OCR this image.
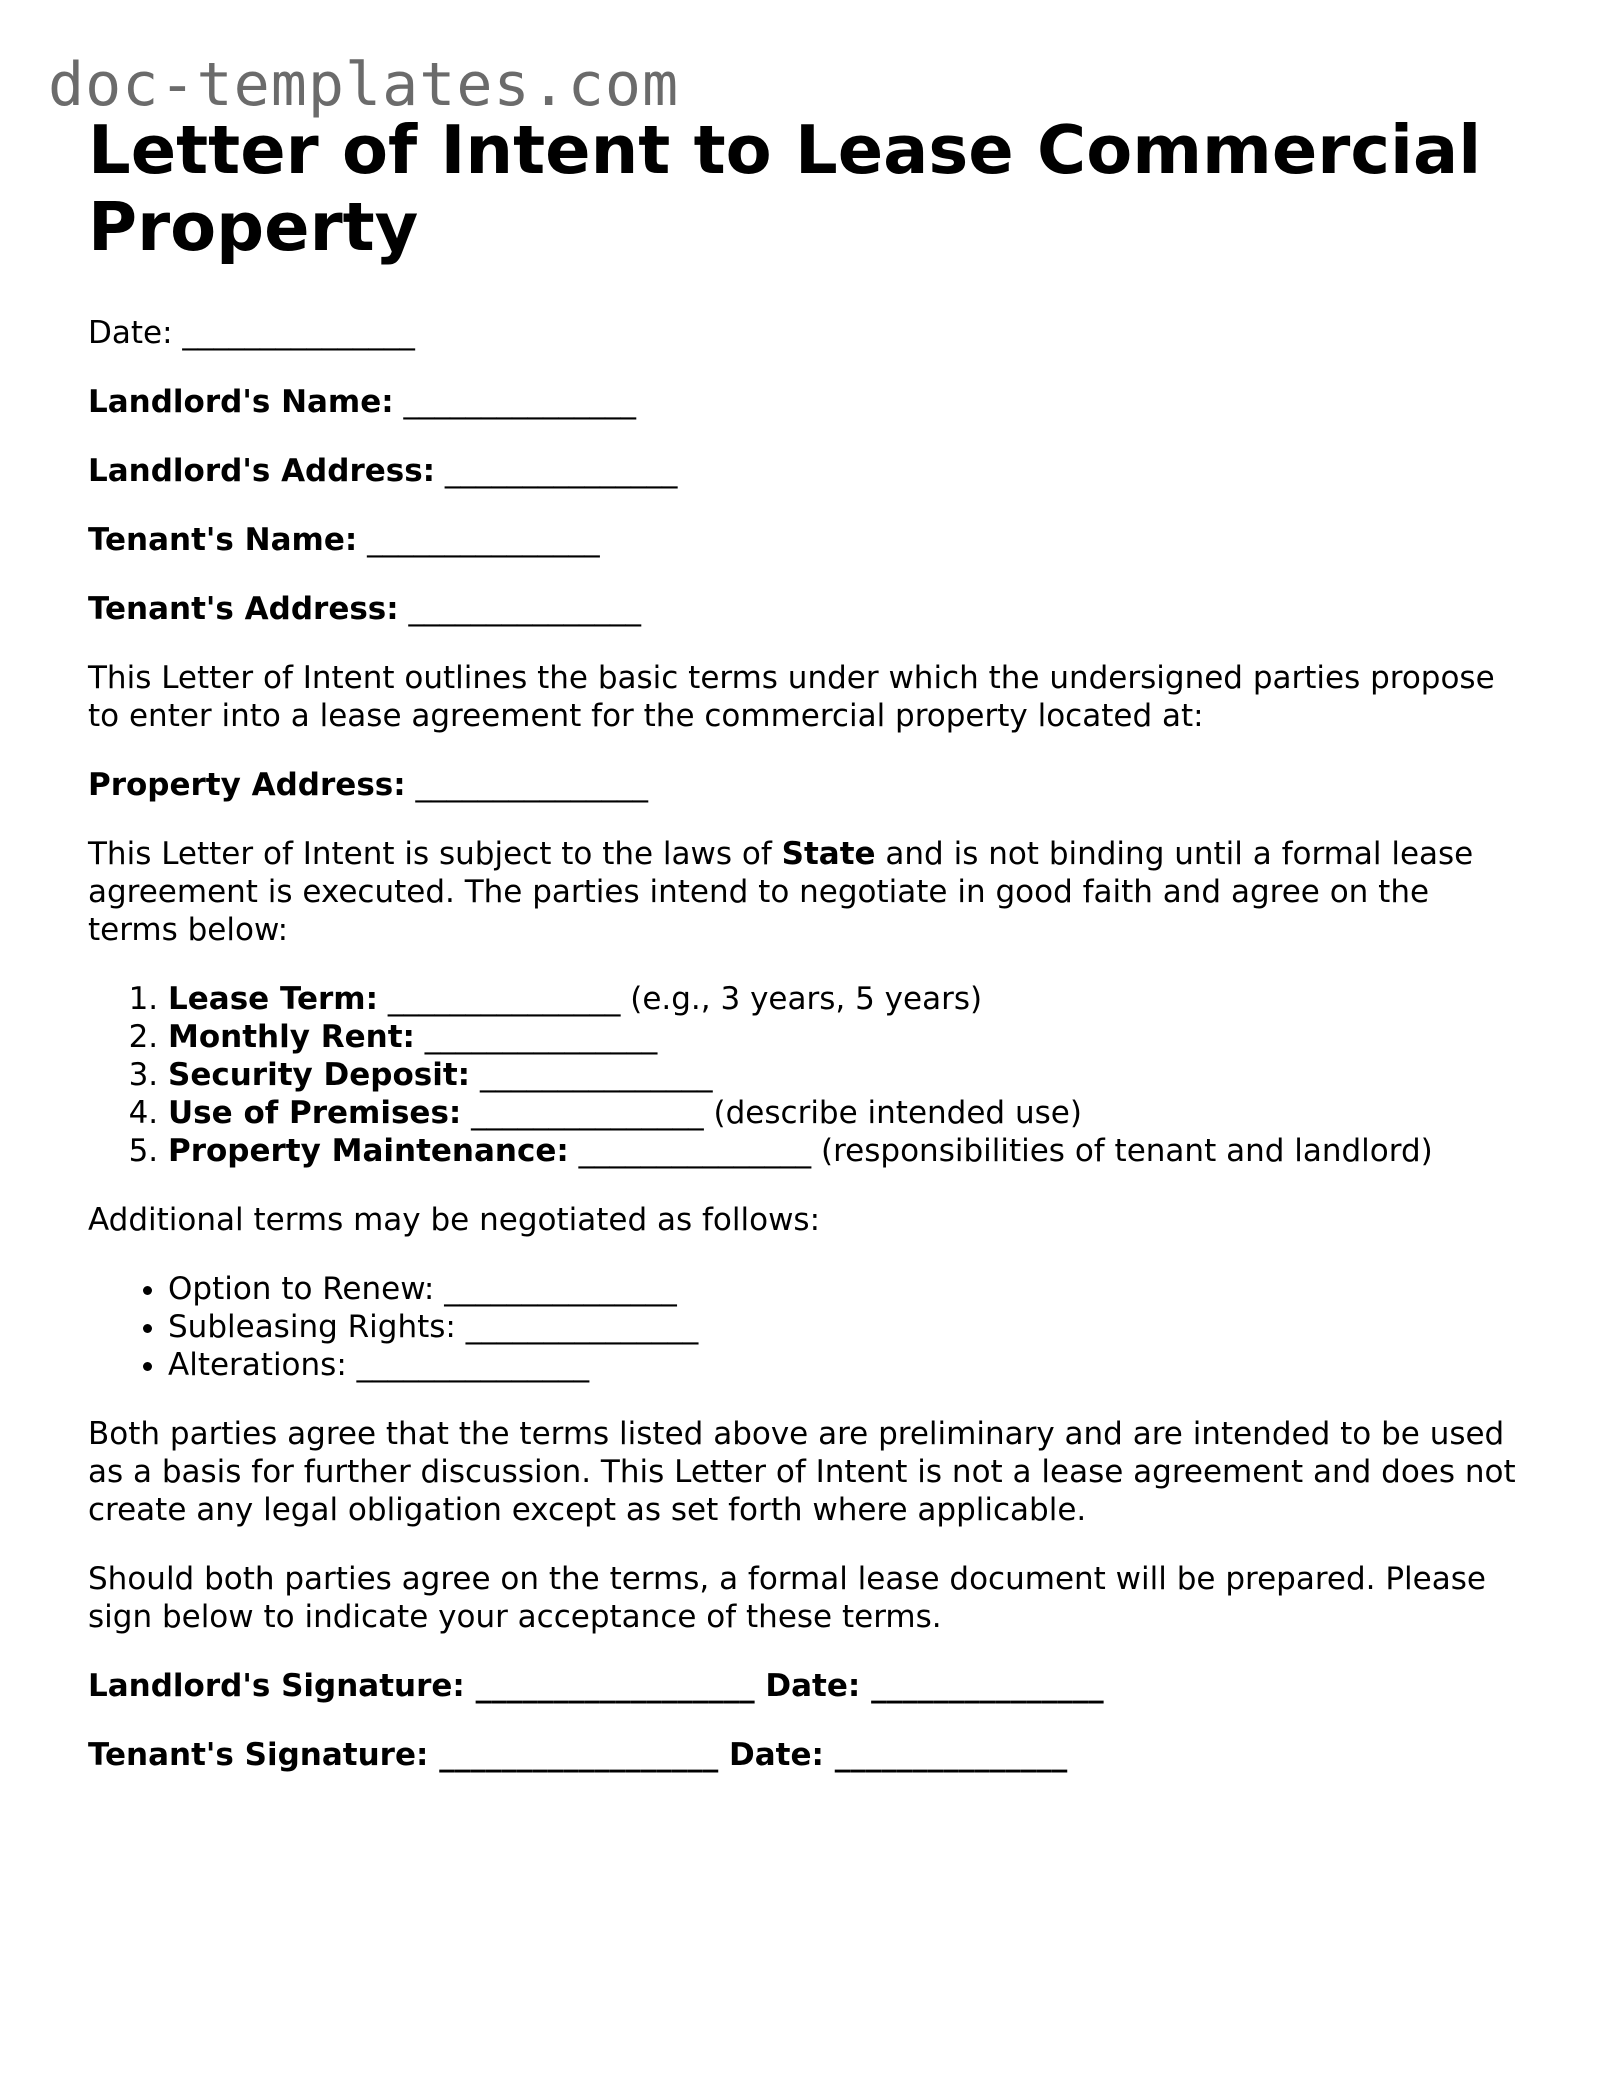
doc-templates.com
Letter of Intent to Lease Commercial Property

Date: _______________

Landlord's Name: _______________

Landlord's Address: _______________

Tenant's Name: _______________

Tenant's Address: _______________

This Letter of Intent outlines the basic terms under which the undersigned parties propose to enter into a lease agreement for the commercial property located at:

Property Address: _______________

This Letter of Intent is subject to the laws of State and is not binding until a formal lease agreement is executed. The parties intend to negotiate in good faith and agree on the terms below:

1. Lease Term: _______________ (e.g., 3 years, 5 years)
2. Monthly Rent: _______________
3. Security Deposit: _______________
4. Use of Premises: _______________ (describe intended use)
5. Property Maintenance: _______________ (responsibilities of tenant and landlord)

Additional terms may be negotiated as follows:

• Option to Renew: _______________
• Subleasing Rights: _______________
• Alterations: _______________

Both parties agree that the terms listed above are preliminary and are intended to be used as a basis for further discussion. This Letter of Intent is not a lease agreement and does not create any legal obligation except as set forth where applicable.

Should both parties agree on the terms, a formal lease document will be prepared. Please sign below to indicate your acceptance of these terms.

Landlord's Signature: __________________ Date: _______________

Tenant's Signature: __________________ Date: _______________
